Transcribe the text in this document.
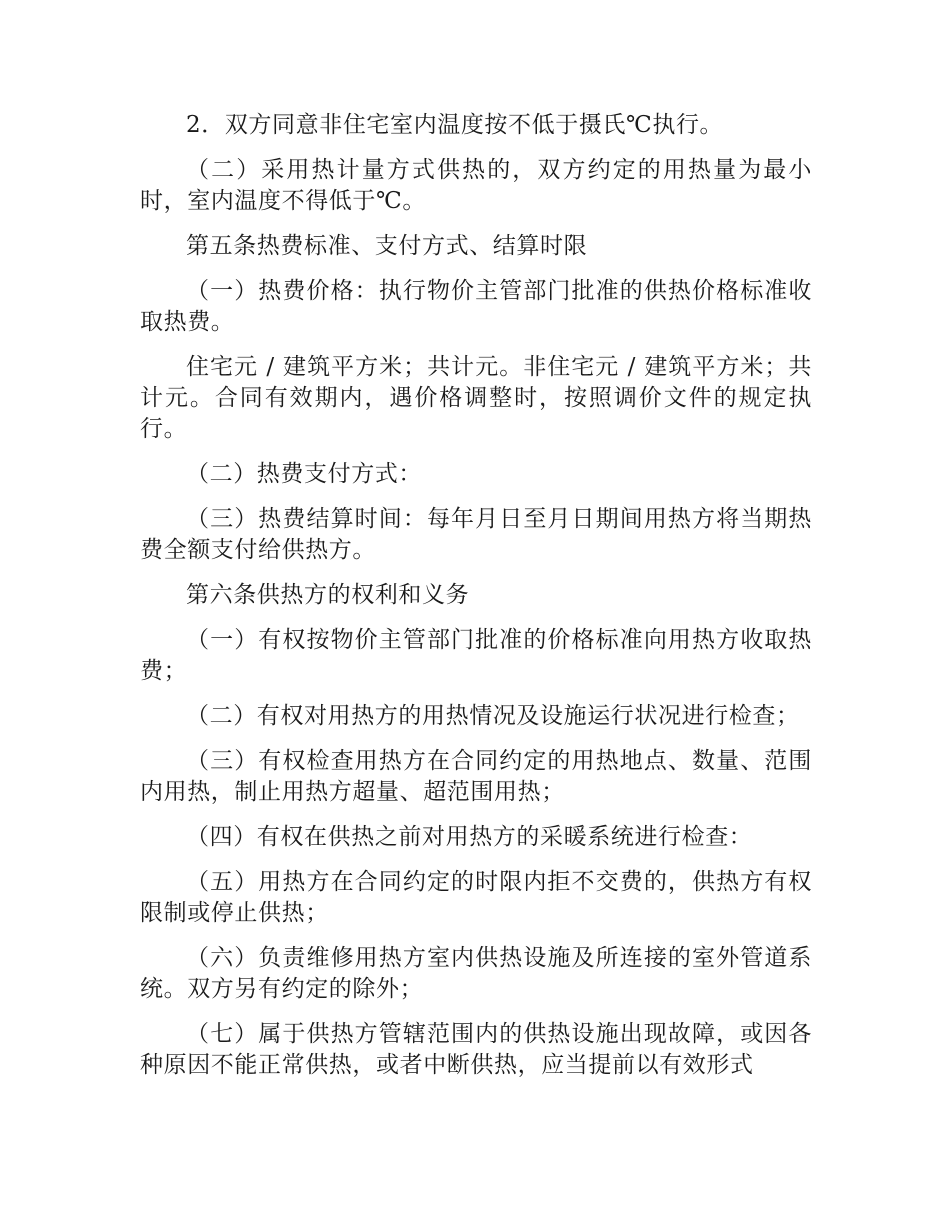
2．双方同意非住宅室内温度按不低于摄氏℃执行。

（二）采用热计量方式供热的，双方约定的用热量为最小时，室内温度不得低于℃。

第五条热费标准、支付方式、结算时限

（一）热费价格：执行物价主管部门批准的供热价格标准收取热费。

住宅元 / 建筑平方米；共计元。非住宅元 / 建筑平方米；共计元。合同有效期内，遇价格调整时，按照调价文件的规定执行。

（二）热费支付方式：

（三）热费结算时间：每年月日至月日期间用热方将当期热费全额支付给供热方。

第六条供热方的权利和义务

（一）有权按物价主管部门批准的价格标准向用热方收取热费；

（二）有权对用热方的用热情况及设施运行状况进行检查；

（三）有权检查用热方在合同约定的用热地点、数量、范围内用热，制止用热方超量、超范围用热；

（四）有权在供热之前对用热方的采暖系统进行检查：

（五）用热方在合同约定的时限内拒不交费的，供热方有权限制或停止供热；

（六）负责维修用热方室内供热设施及所连接的室外管道系统。双方另有约定的除外；

（七）属于供热方管辖范围内的供热设施出现故障，或因各种原因不能正常供热，或者中断供热，应当提前以有效形式
